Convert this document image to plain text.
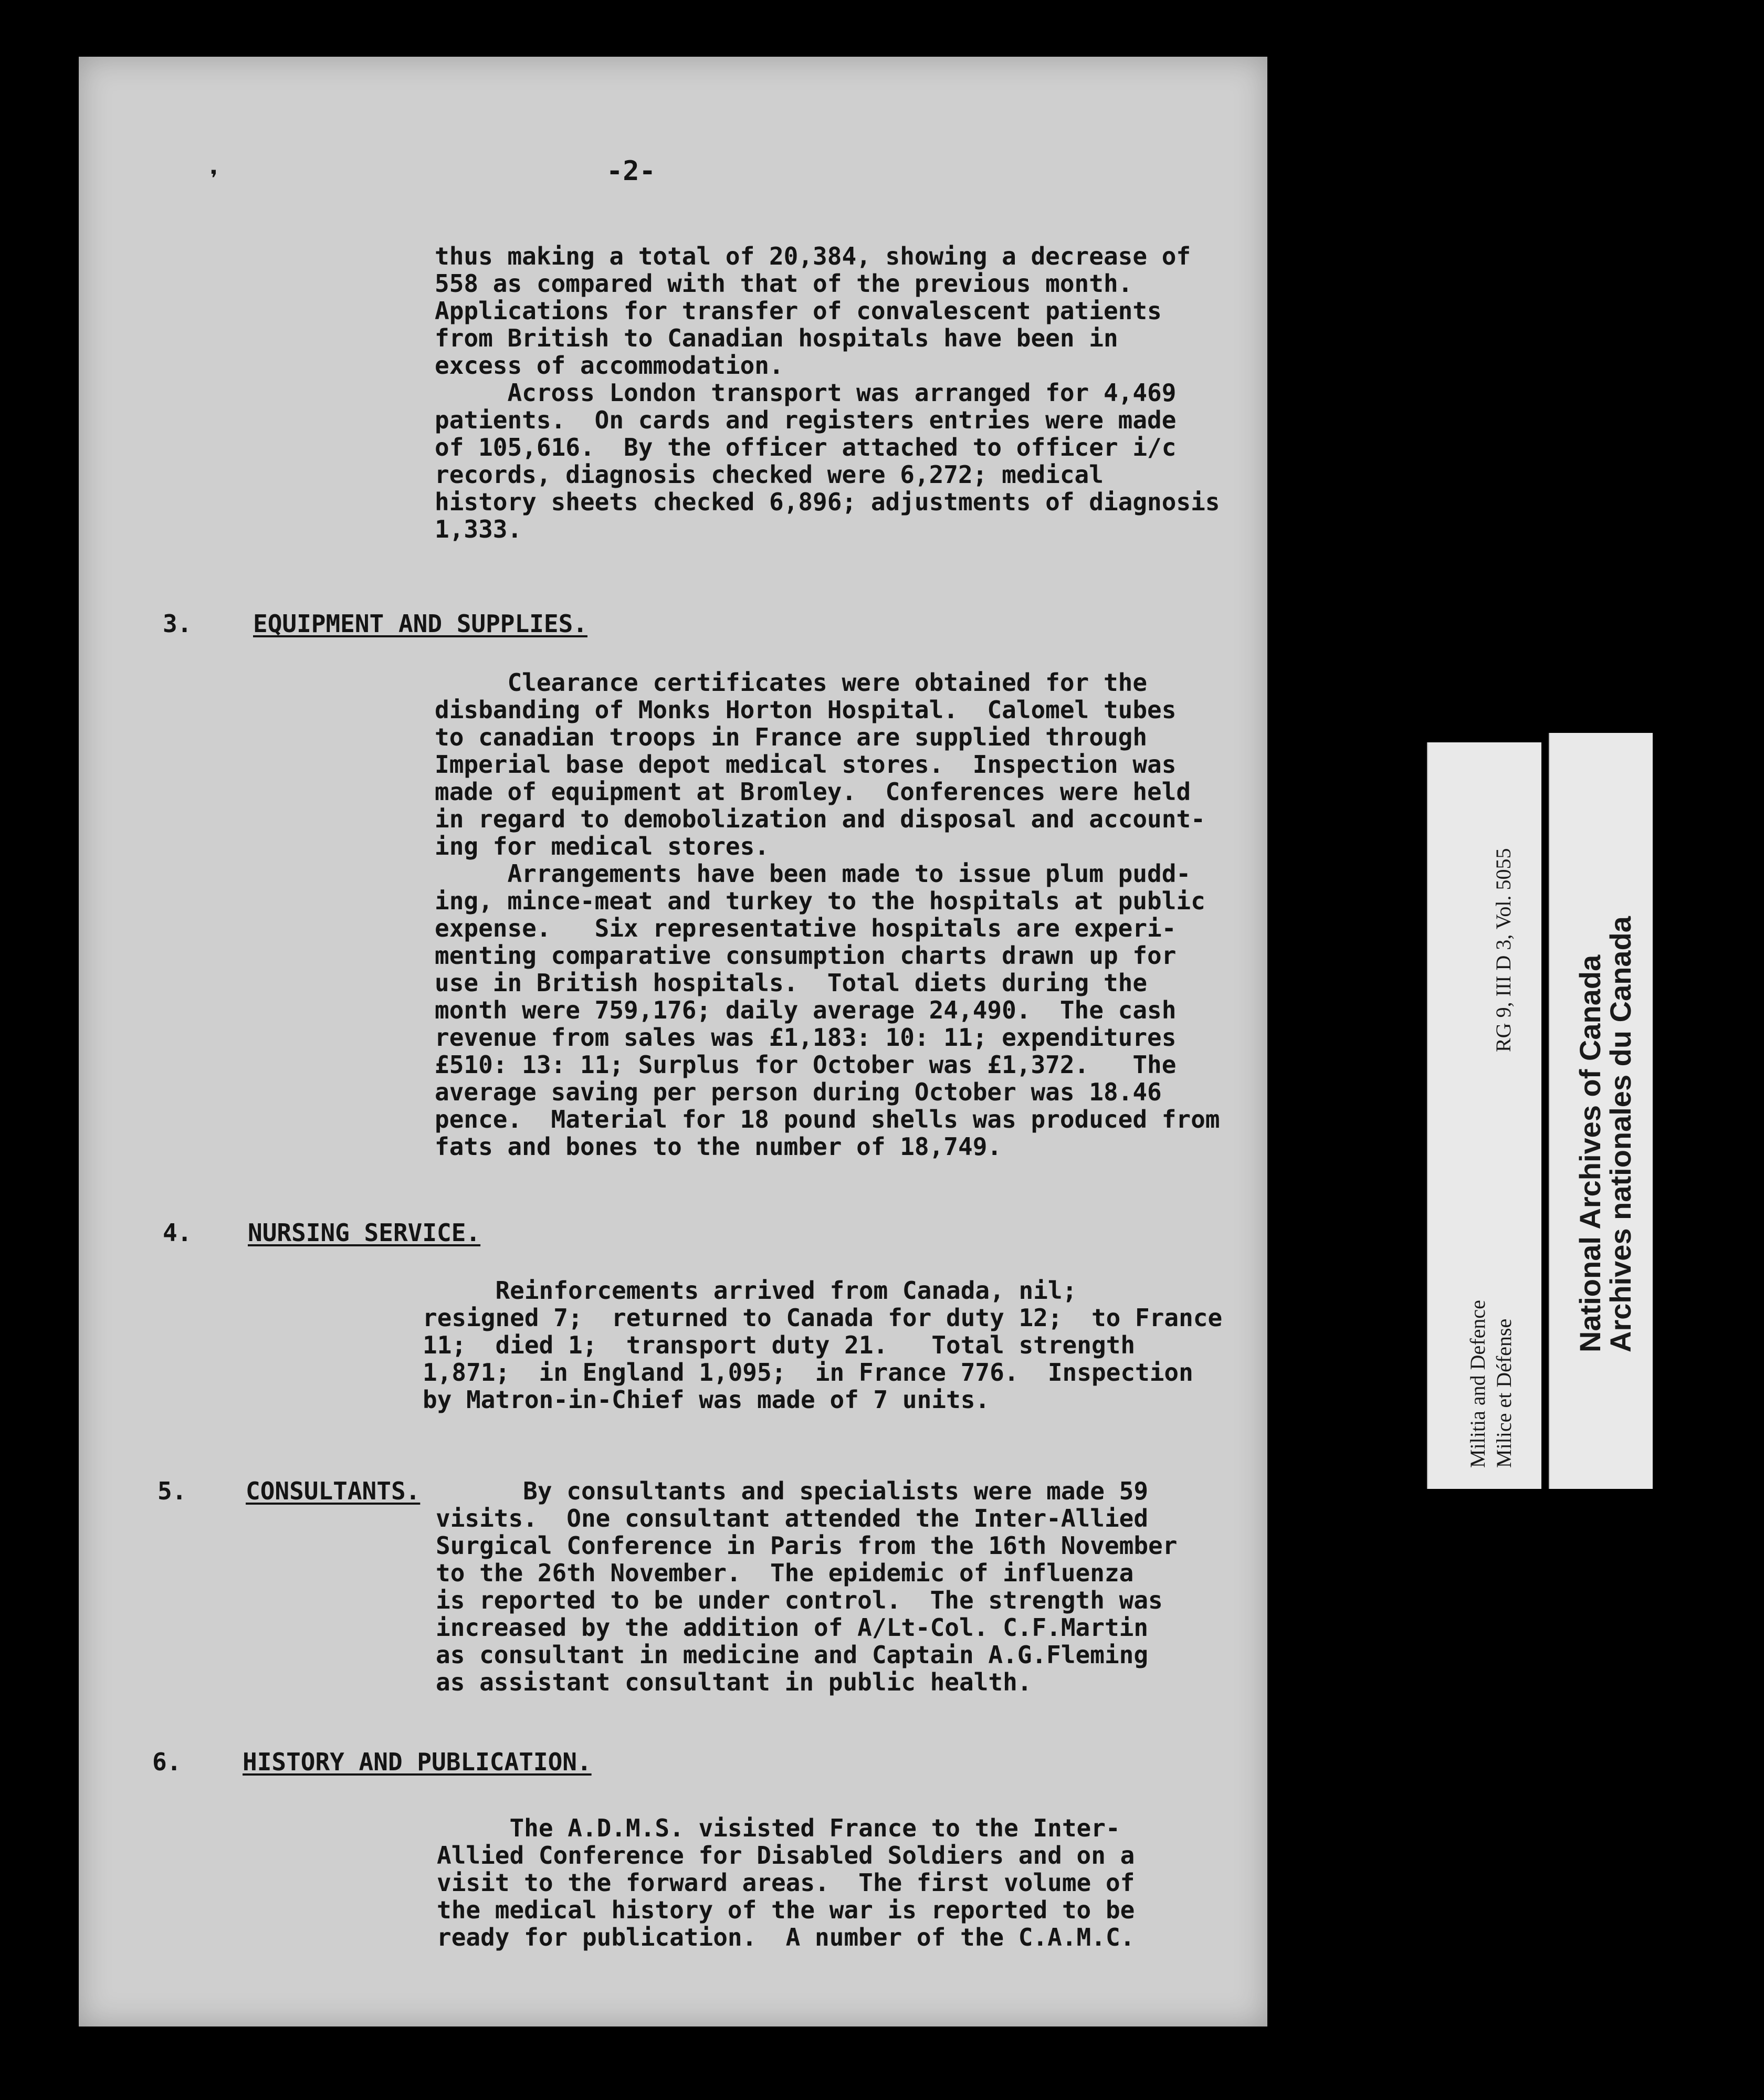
❜	-2-
thus making a total of 20,384, showing a decrease of
558 as compared with that of the previous month.
Applications for transfer of convalescent patients
from British to Canadian hospitals have been in
excess of accommodation.
Across London transport was arranged for 4,469
patients.  On cards and registers entries were made
of 105,616.  By the officer attached to officer i/c
records, diagnosis checked were 6,272; medical
history sheets checked 6,896; adjustments of diagnosis
1,333.
3.	EQUIPMENT AND SUPPLIES.
Clearance certificates were obtained for the
disbanding of Monks Horton Hospital.  Calomel tubes
to canadian troops in France are supplied through
Imperial base depot medical stores.  Inspection was
made of equipment at Bromley.  Conferences were held
in regard to demobolization and disposal and account-
ing for medical stores.
Arrangements have been made to issue plum pudd-
ing, mince-meat and turkey to the hospitals at public
expense.   Six representative hospitals are experi-
menting comparative consumption charts drawn up for
use in British hospitals.  Total diets during the
month were 759,176; daily average 24,490.  The cash
revenue from sales was £1,183: 10: 11; expenditures
£510: 13: 11; Surplus for October was £1,372.   The
average saving per person during October was 18.46
pence.  Material for 18 pound shells was produced from
fats and bones to the number of 18,749.
4. NURSING SERVICE.
Reinforcements arrived from Canada, nil;
resigned 7;  returned to Canada for duty 12;  to France
11;  died 1;  transport duty 21.   Total strength
1,871;  in England 1,095;  in France 776.  Inspection
by Matron-in-Chief was made of 7 units.
5. CONSULTANTS.	By consultants and specialists were made 59
visits.  One consultant attended the Inter-Allied
Surgical Conference in Paris from the 16th November
to the 26th November.  The epidemic of influenza
is reported to be under control.  The strength was
increased by the addition of A/Lt-Col. C.F.Martin
as consultant in medicine and Captain A.G.Fleming
as assistant consultant in public health.
6.	HISTORY AND PUBLICATION.
The A.D.M.S. visisted France to the Inter-
Allied Conference for Disabled Soldiers and on a
visit to the forward areas.  The first volume of
the medical history of the war is reported to be
ready for publication.  A number of the C.A.M.C.
RG 9, III D 3, Vol. 5055
Militia and Defence Milice et Défense
National Archives of Canada
Archives nationales du Canada
